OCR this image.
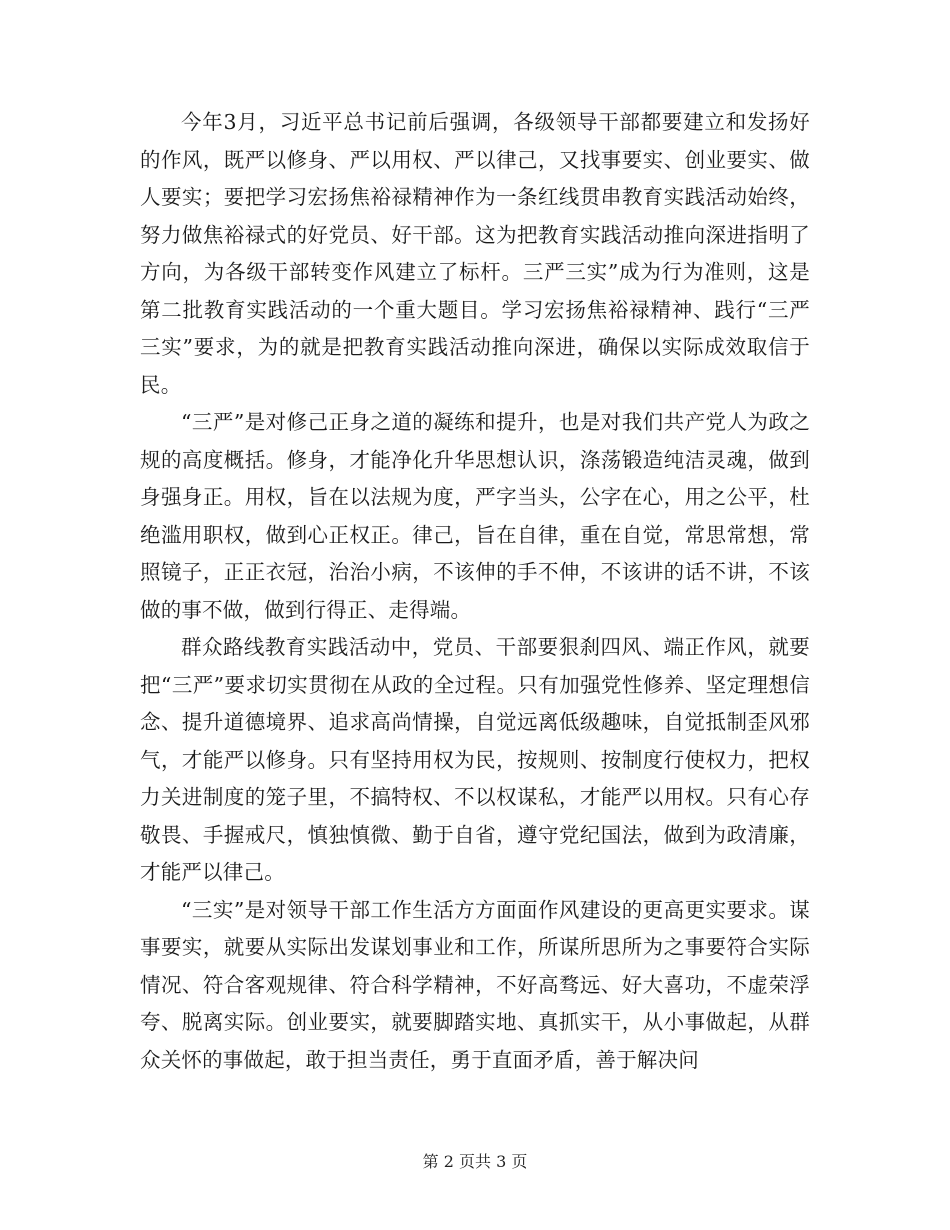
今年3月，习近平总书记前后强调，各级领导干部都要建立和发扬好的作风，既严以修身、严以用权、严以律己，又找事要实、创业要实、做人要实；要把学习宏扬焦裕禄精神作为一条红线贯串教育实践活动始终，努力做焦裕禄式的好党员、好干部。这为把教育实践活动推向深进指明了方向，为各级干部转变作风建立了标杆。三严三实”成为行为准则，这是第二批教育实践活动的一个重大题目。学习宏扬焦裕禄精神、践行“三严三实”要求，为的就是把教育实践活动推向深进，确保以实际成效取信于民。

“三严”是对修己正身之道的凝练和提升，也是对我们共产党人为政之规的高度概括。修身，才能净化升华思想认识，涤荡锻造纯洁灵魂，做到身强身正。用权，旨在以法规为度，严字当头，公字在心，用之公平，杜绝滥用职权，做到心正权正。律己，旨在自律，重在自觉，常思常想，常照镜子，正正衣冠，治治小病，不该伸的手不伸，不该讲的话不讲，不该做的事不做，做到行得正、走得端。

群众路线教育实践活动中，党员、干部要狠刹四风、端正作风，就要把“三严”要求切实贯彻在从政的全过程。只有加强党性修养、坚定理想信念、提升道德境界、追求高尚情操，自觉远离低级趣味，自觉抵制歪风邪气，才能严以修身。只有坚持用权为民，按规则、按制度行使权力，把权力关进制度的笼子里，不搞特权、不以权谋私，才能严以用权。只有心存敬畏、手握戒尺，慎独慎微、勤于自省，遵守党纪国法，做到为政清廉，才能严以律己。

“三实”是对领导干部工作生活方方面面作风建设的更高更实要求。谋事要实，就要从实际出发谋划事业和工作，所谋所思所为之事要符合实际情况、符合客观规律、符合科学精神，不好高骛远、好大喜功，不虚荣浮夸、脱离实际。创业要实，就要脚踏实地、真抓实干，从小事做起，从群众关怀的事做起，敢于担当责任，勇于直面矛盾，善于解决问

第 2 页共 3 页
